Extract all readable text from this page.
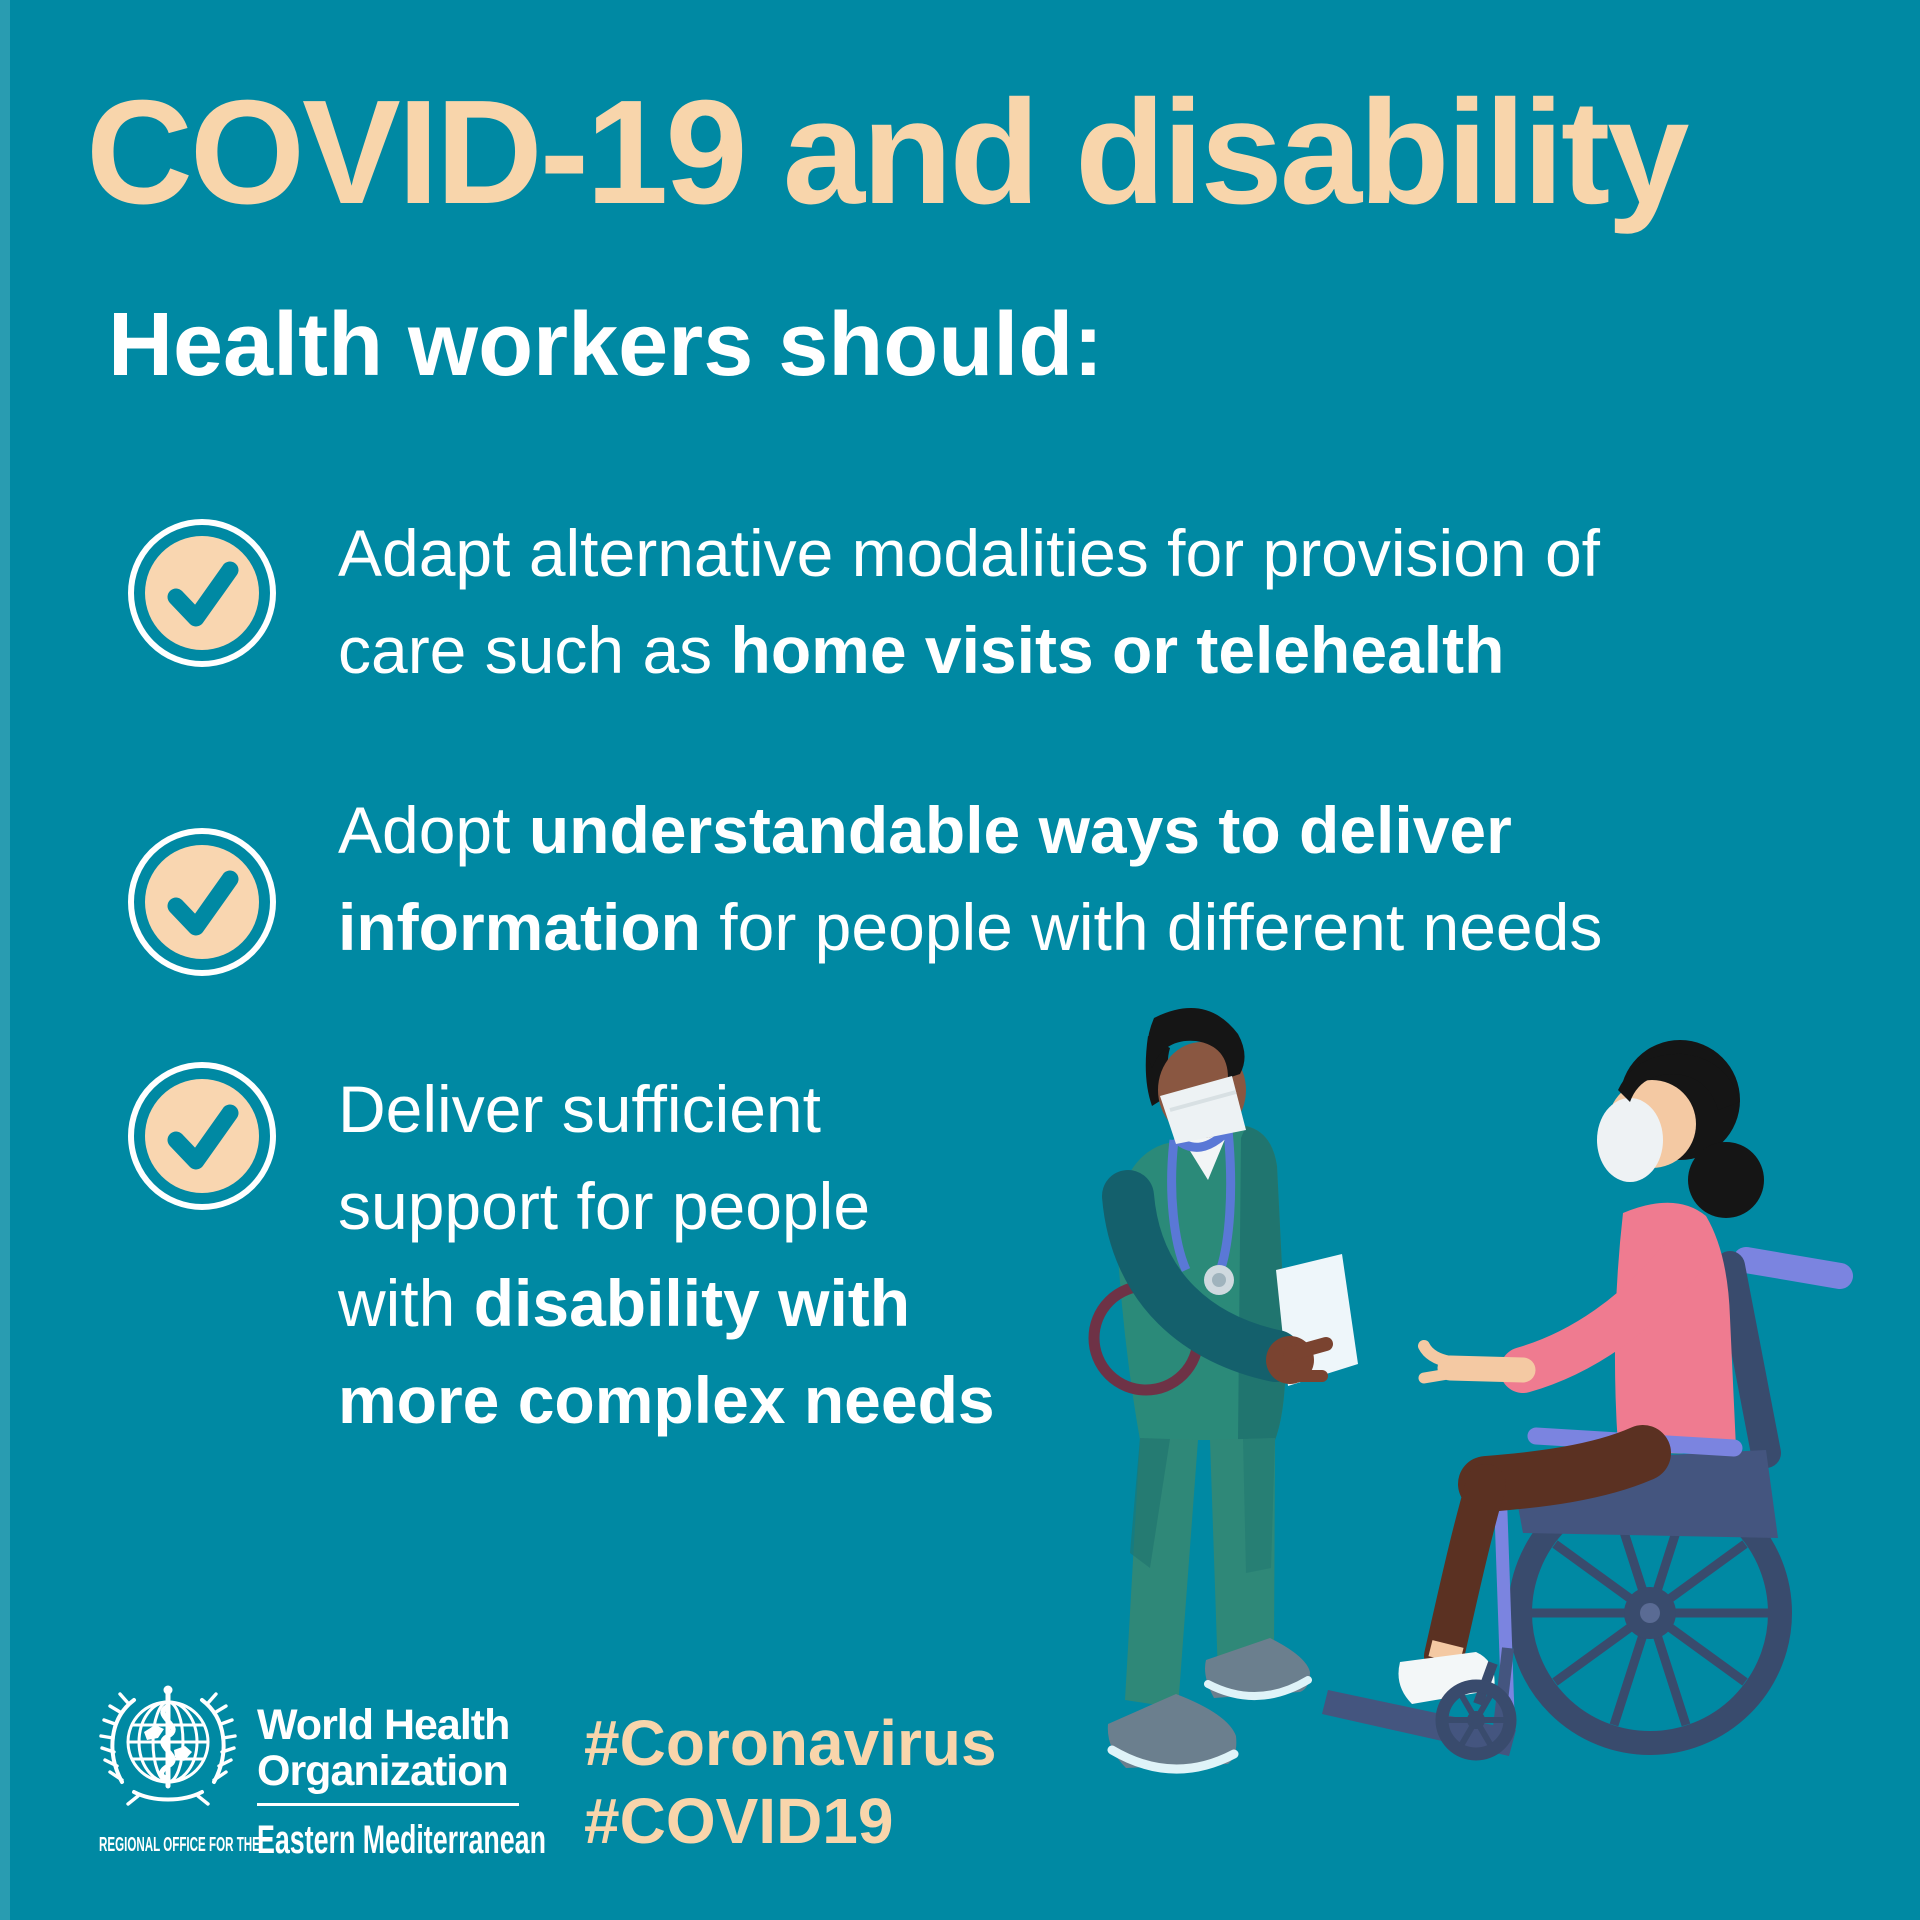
COVID-19 and disability
Health workers should:
Adapt alternative modalities for provision of
care such as home visits or telehealth
Adopt understandable ways to deliver
information for people with different needs
Deliver sufficient
support for people
with disability with
more complex needs
World Health
Organization
REGIONAL OFFICE FOR THE
Eastern Mediterranean
#Coronavirus
#COVID19
